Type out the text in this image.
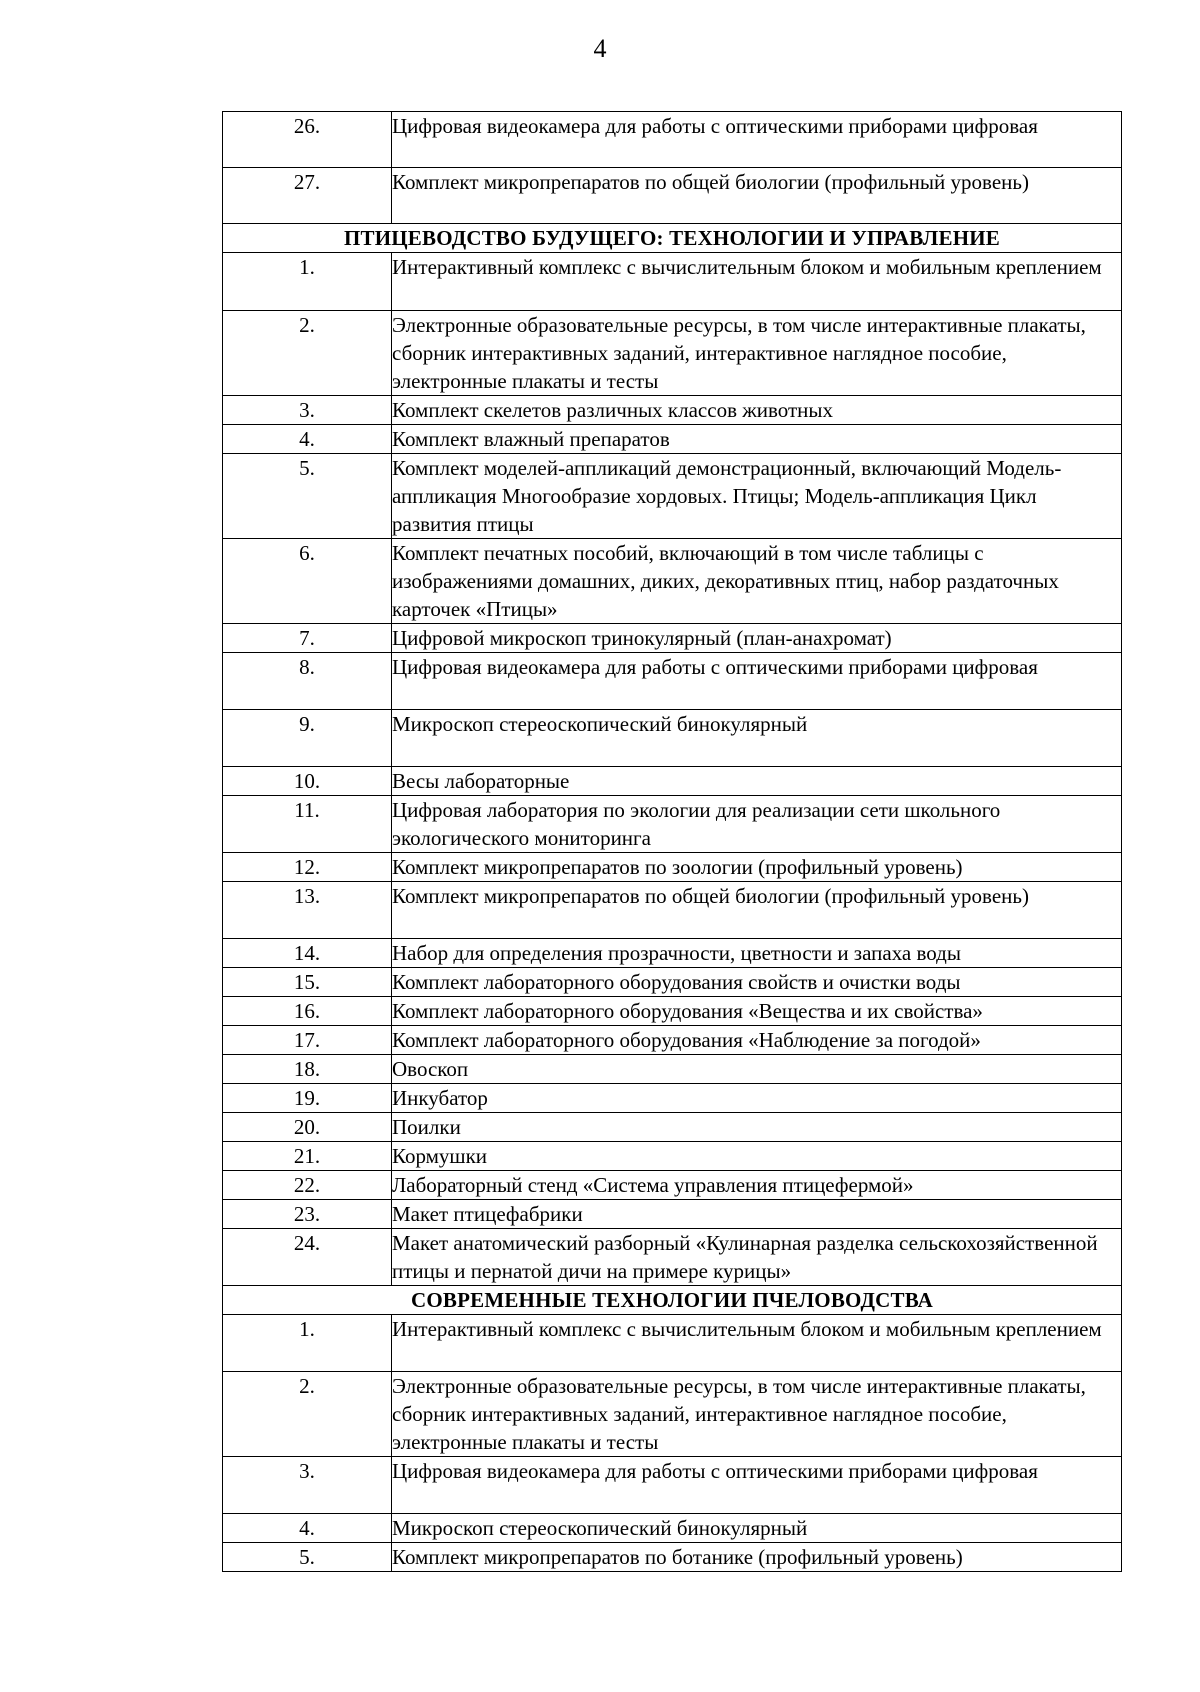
4
26.	Цифровая видеокамера для работы с оптическими приборами цифровая
27.	Комплект микропрепаратов по общей биологии (профильный уровень)
ПТИЦЕВОДСТВО БУДУЩЕГО: ТЕХНОЛОГИИ И УПРАВЛЕНИЕ	
1.	Интерактивный комплекс с вычислительным блоком и мобильным креплением
2.	Электронные образовательные ресурсы, в том числе интерактивные плакаты, сборник интерактивных заданий, интерактивное наглядное пособие, электронные плакаты и тесты
3.	Комплект скелетов различных классов животных
4.	Комплект влажный препаратов
5.	Комплект моделей-аппликаций демонстрационный, включающий Модель-аппликация Многообразие хордовых. Птицы; Модель-аппликация Цикл развития птицы
6.	Комплект печатных пособий, включающий в том числе таблицы с изображениями домашних, диких, декоративных птиц, набор раздаточных карточек «Птицы»
7.	Цифровой микроскоп тринокулярный (план-анахромат)
8.	Цифровая видеокамера для работы с оптическими приборами цифровая
9.	Микроскоп стереоскопический бинокулярный
10.	Весы лабораторные
11.	Цифровая лаборатория по экологии для реализации сети школьного экологического мониторинга
12.	Комплект микропрепаратов по зоологии (профильный уровень)
13.	Комплект микропрепаратов по общей биологии (профильный уровень)
14.	Набор для определения прозрачности, цветности и запаха воды
15.	Комплект лабораторного оборудования свойств и очистки воды
16.	Комплект лабораторного оборудования «Вещества и их свойства»
17.	Комплект лабораторного оборудования «Наблюдение за погодой»
18.	Овоскоп
19.	Инкубатор
20.	Поилки
21.	Кормушки
22.	Лабораторный стенд «Система управления птицефермой»
23.	Макет птицефабрики
24.	Макет анатомический разборный «Кулинарная разделка сельскохозяйственной птицы и пернатой дичи на примере курицы»
СОВРЕМЕННЫЕ ТЕХНОЛОГИИ ПЧЕЛОВОДСТВА	
1.	Интерактивный комплекс с вычислительным блоком и мобильным креплением
2.	Электронные образовательные ресурсы, в том числе интерактивные плакаты, сборник интерактивных заданий, интерактивное наглядное пособие, электронные плакаты и тесты
3.	Цифровая видеокамера для работы с оптическими приборами цифровая
4.	Микроскоп стереоскопический бинокулярный
5.	Комплект микропрепаратов по ботанике (профильный уровень)
